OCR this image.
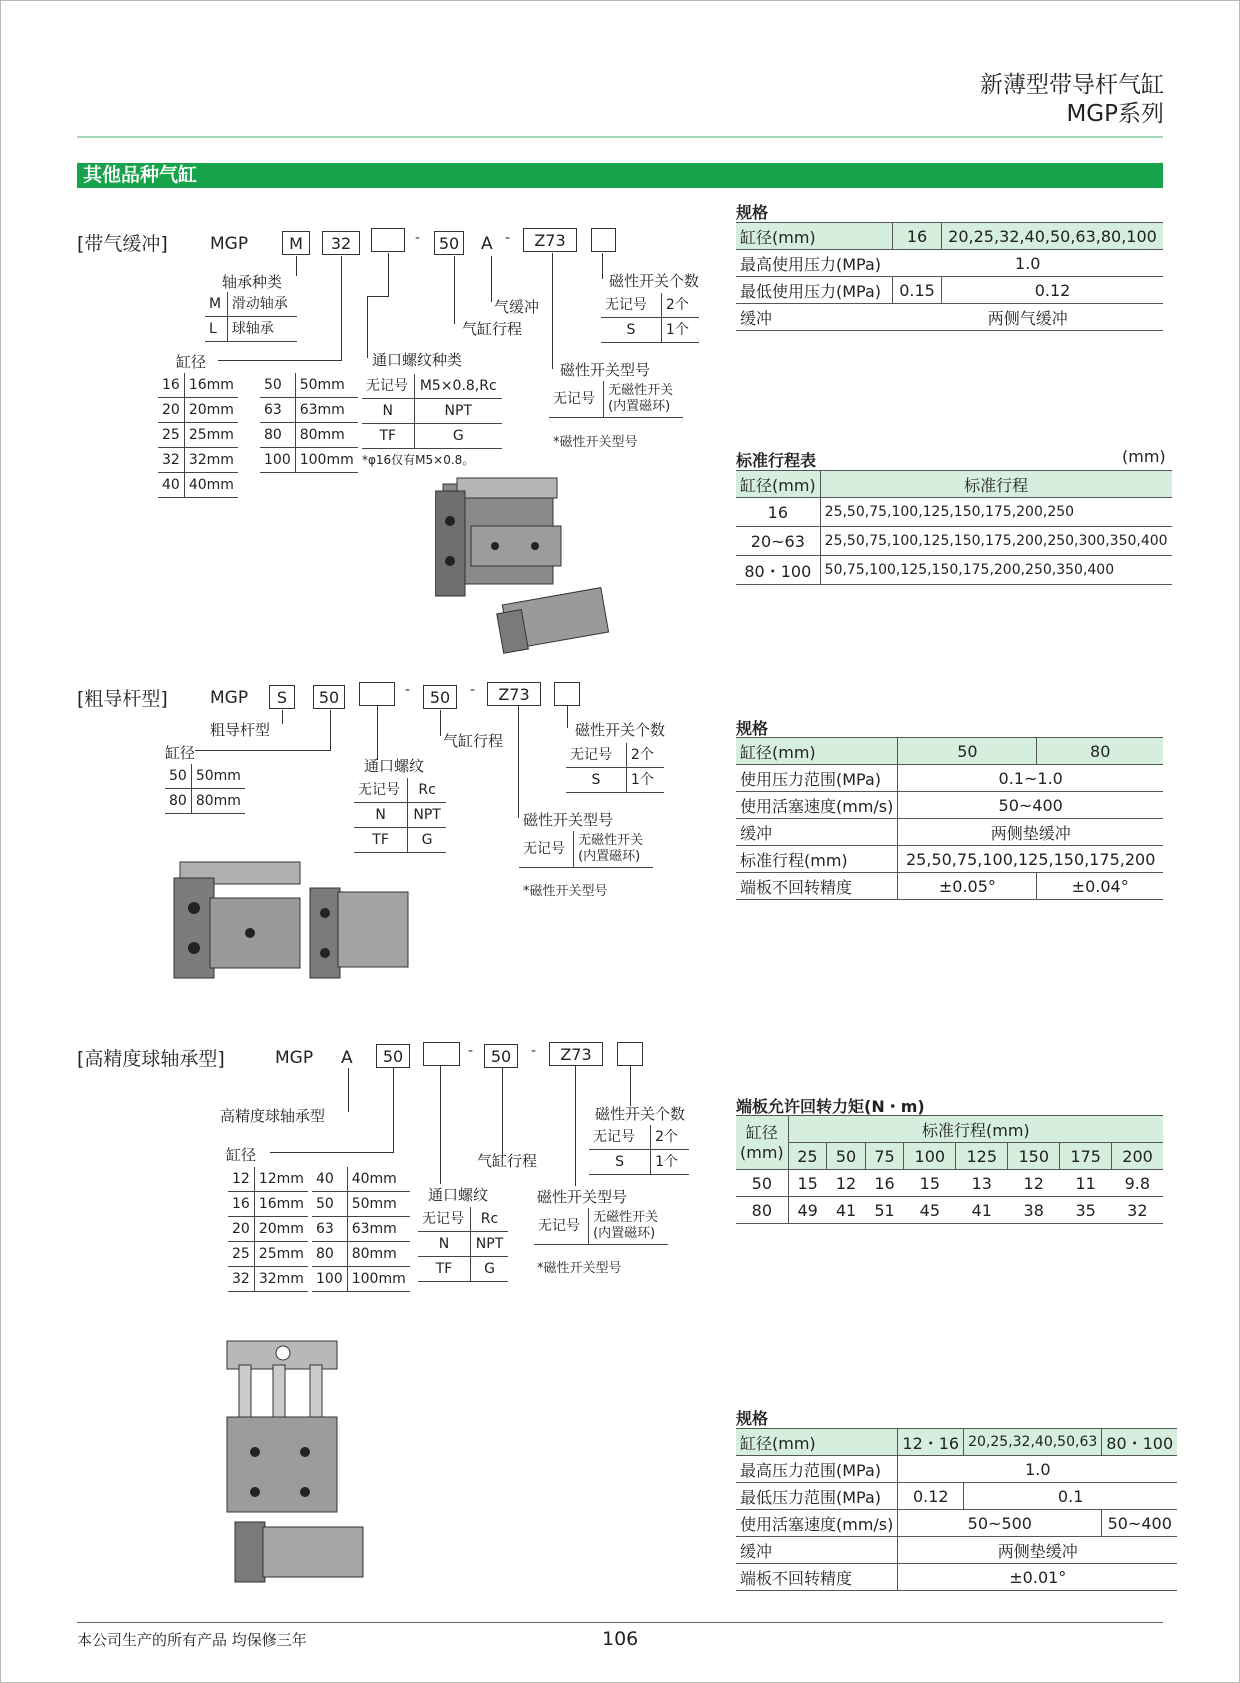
新薄型带导杆气缸
MGP系列
其他品种气缸
[带气缓冲] MGP	M	32	-	50 A -	Z73
轴承种类
M	滑动轴承
L	球轴承
缸径
16	16mm
20	20mm
25	25mm
32	32mm
40	40mm
50	50mm
63	63mm
80	80mm
100	100mm
通口螺纹种类
无记号	M5×0.8,Rc
N	NPT
TF	G
*φ16仅有M5×0.8。
气缓冲
气缸行程
磁性开关个数
无记号	2个
S	1个
磁性开关型号
无记号	
无磁性开关
(内置磁环)
*磁性开关型号
规格
缸径(mm)	16	20,25,32,40,50,63,80,100
最高使用压力(MPa)	1.0	
最低使用压力(MPa)	0.15	0.12
缓冲	两侧气缓冲	
标准行程表	(mm)
缸径(mm)	标准行程
16	25,50,75,100,125,150,175,200,250
20~63	25,50,75,100,125,150,175,200,250,300,350,400
80・100	50,75,100,125,150,175,200,250,350,400
[粗导杆型] MGP	S	50	-	50	-	Z73
粗导杆型
缸径
50	50mm
80	80mm
通口螺纹
无记号	Rc
N	NPT
TF	G
气缸行程
磁性开关个数
无记号	2个
S	1个
磁性开关型号
无记号	
无磁性开关
(内置磁环)
*磁性开关型号
规格
缸径(mm)	50	80
使用压力范围(MPa)	0.1~1.0	
使用活塞速度(mm/s)	50~400	
缓冲	两侧垫缓冲	
标准行程(mm)	25,50,75,100,125,150,175,200	
端板不回转精度	±0.05°	±0.04°
[高精度球轴承型]	MGP A	50	-	50	-	Z73
高精度球轴承型
缸径
12	12mm
16	16mm
20	20mm
25	25mm
32	32mm
40	40mm
50	50mm
63	63mm
80	80mm
100	100mm
通口螺纹
无记号	Rc
N	NPT
TF	G
气缸行程
磁性开关个数
无记号	2个
S	1个
磁性开关型号
无记号	
无磁性开关
(内置磁环)
*磁性开关型号
端板允许回转力矩(N・m)
缸径
(mm)	标准行程(mm)							
	25	50	75	100	125	150	175	200
50	15	12	16	15	13	12	11	9.8
80	49	41	51	45	41	38	35	32
规格
缸径(mm)	12・16	20,25,32,40,50,63	80・100
最高压力范围(MPa)	1.0		
最低压力范围(MPa)	0.12	0.1	
使用活塞速度(mm/s)	50~500		50~400
缓冲	两侧垫缓冲		
端板不回转精度	±0.01°		
本公司生产的所有产品 均保修三年	106
